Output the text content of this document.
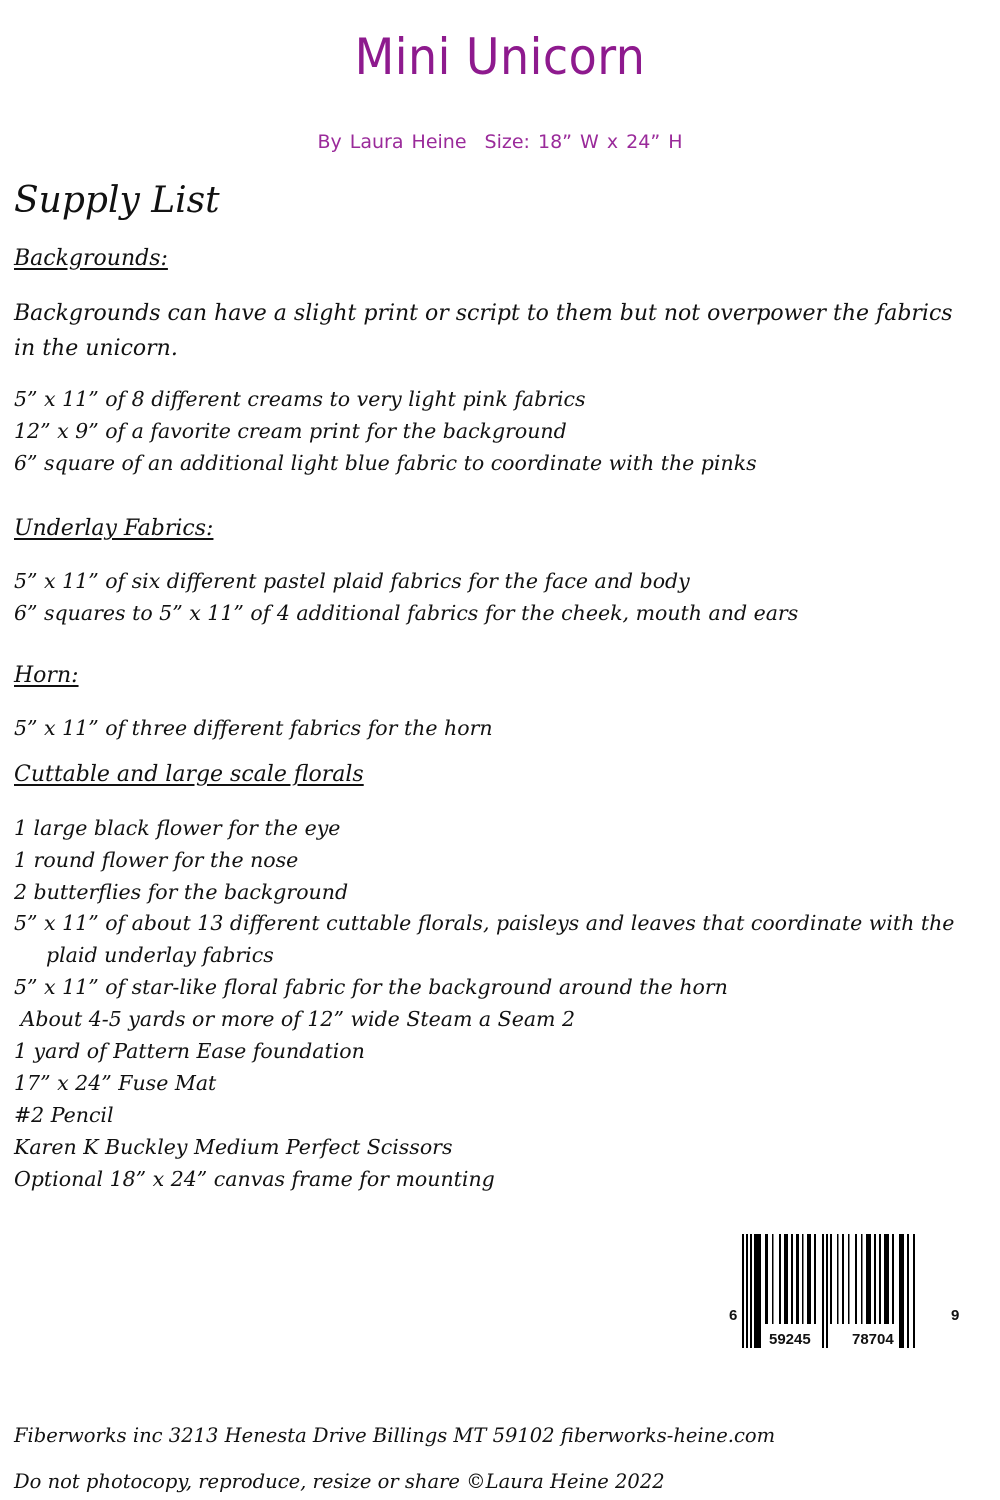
Mini Unicorn
By Laura Heine Size: 18” W x 24” H
Supply List
Backgrounds:
Backgrounds can have a slight print or script to them but not overpower the fabrics in the unicorn.
5” x 11” of 8 different creams to very light pink fabrics
12” x 9” of a favorite cream print for the background
6” square of an additional light blue fabric to coordinate with the pinks
Underlay Fabrics:
5” x 11” of six different pastel plaid fabrics for the face and body
6” squares to 5” x 11” of 4 additional fabrics for the cheek, mouth and ears
Horn:
5” x 11” of three different fabrics for the horn
Cuttable and large scale florals
1 large black flower for the eye
1 round flower for the nose
2 butterflies for the background
5” x 11” of about 13 different cuttable florals, paisleys and leaves that coordinate with the plaid underlay fabrics
5” x 11” of star-like floral fabric for the background around the horn
About 4-5 yards or more of 12” wide Steam a Seam 2
1 yard of Pattern Ease foundation
17” x 24” Fuse Mat
#2 Pencil
Karen K Buckley Medium Perfect Scissors
Optional 18” x 24” canvas frame for mounting
6
59245	78704
9
Fiberworks inc 3213 Henesta Drive Billings MT 59102 fiberworks-heine.com
Do not photocopy, reproduce, resize or share ©Laura Heine 2022
